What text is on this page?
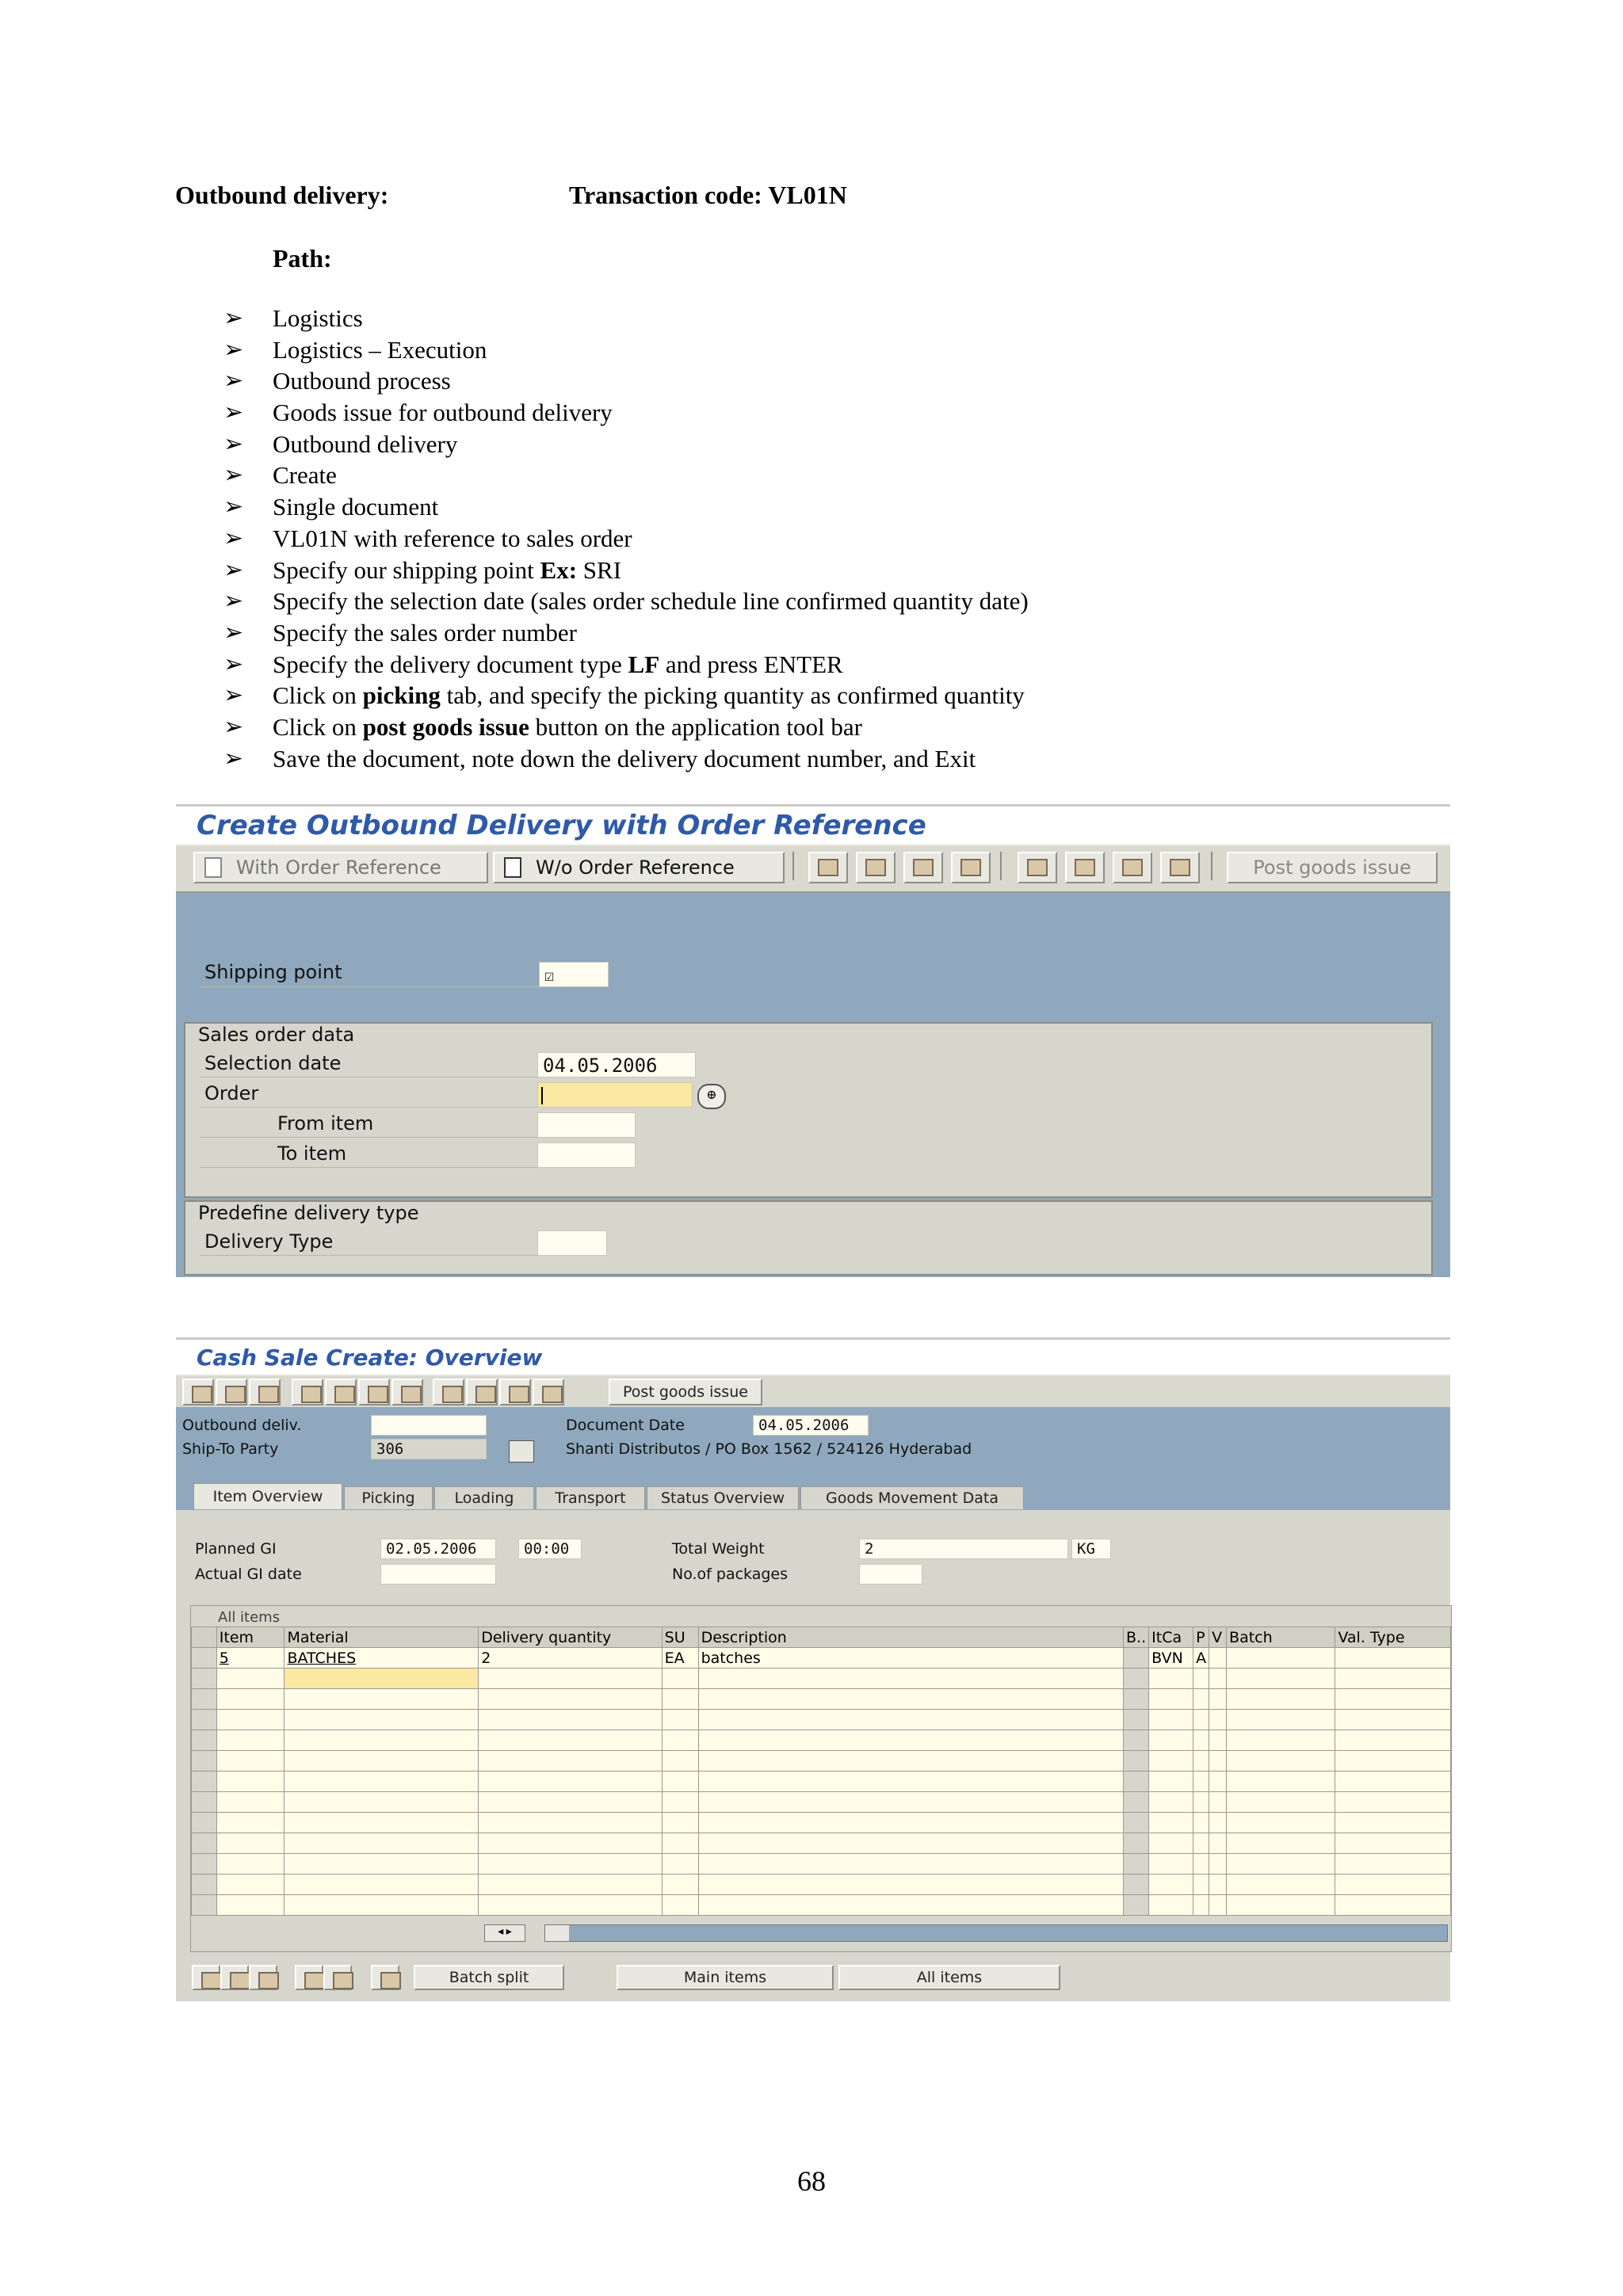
Outbound delivery:	Transaction code: VL01N
Path:
➢ Logistics
➢ Logistics – Execution
➢ Outbound process
➢ Goods issue for outbound delivery
➢ Outbound delivery
➢ Create
➢ Single document
➢ VL01N with reference to sales order
➢ Specify our shipping point Ex: SRI
➢ Specify the selection date (sales order schedule line confirmed quantity date)
➢ Specify the sales order number
➢ Specify the delivery document type LF and press ENTER
➢ Click on picking tab, and specify the picking quantity as confirmed quantity
➢ Click on post goods issue button on the application tool bar
➢ Save the document, note down the delivery document number, and Exit
Create Outbound Delivery with Order Reference
With Order Reference	W/o Order Reference	Post goods issue
Shipping point	☑
Sales order data
Selection date	04.05.2006
Order	⊕
From item
To item
Predefine delivery type
Delivery Type
Cash Sale Create: Overview
Post goods issue
Outbound deliv.
Ship-To Party	306
Document Date	04.05.2006
Shanti Distributos / PO Box 1562 / 524126 Hyderabad
Item Overview	Picking	Loading	Transport	Status Overview	Goods Movement Data
Planned GI	02.05.2006	00:00
Actual GI date
Total Weight	2	KG
No.of packages
All items
	Item	Material	Delivery quantity	SU	Description	B..	ItCa	P	V	Batch	Val. Type
	5	BATCHES	2	EA	batches		BVN	A			

◂ ▸
Batch split	Main items	All items
68
